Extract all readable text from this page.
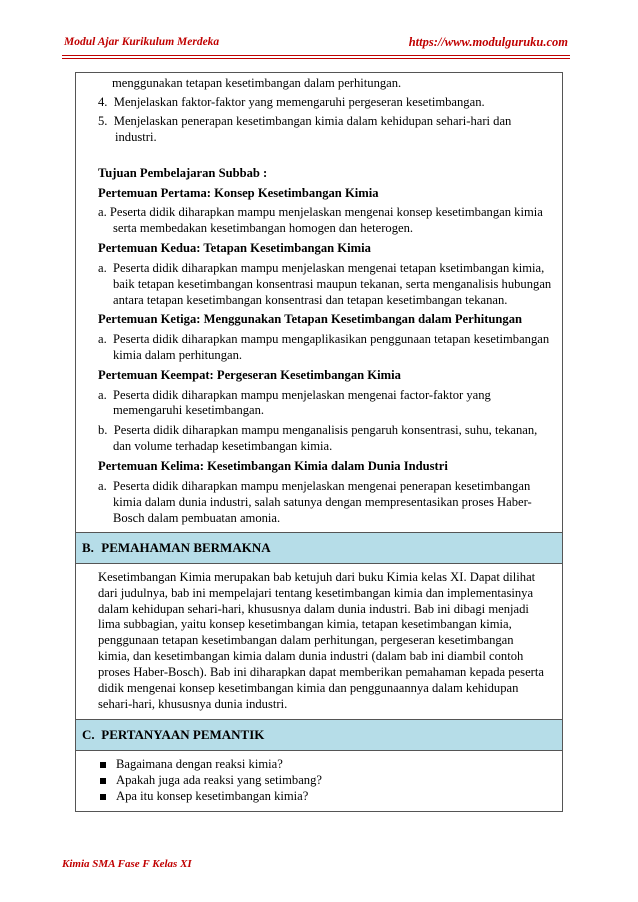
Modul Ajar Kurikulum Merdeka	https://www.modulguruku.com

menggunakan tetapan kesetimbangan dalam perhitungan.

4. Menjelaskan faktor-faktor yang memengaruhi pergeseran kesetimbangan.

5. Menjelaskan penerapan kesetimbangan kimia dalam kehidupan sehari-hari dan industri.

Tujuan Pembelajaran Subbab :

Pertemuan Pertama: Konsep Kesetimbangan Kimia

a. Peserta didik diharapkan mampu menjelaskan mengenai konsep kesetimbangan kimia serta membedakan kesetimbangan homogen dan heterogen.

Pertemuan Kedua: Tetapan Kesetimbangan Kimia

a. Peserta didik diharapkan mampu menjelaskan mengenai tetapan ksetimbangan kimia, baik tetapan kesetimbangan konsentrasi maupun tekanan, serta menganalisis hubungan antara tetapan kesetimbangan konsentrasi dan tetapan kesetimbangan tekanan.

Pertemuan Ketiga: Menggunakan Tetapan Kesetimbangan dalam Perhitungan

a. Peserta didik diharapkan mampu mengaplikasikan penggunaan tetapan kesetimbangan kimia dalam perhitungan.

Pertemuan Keempat: Pergeseran Kesetimbangan Kimia

a. Peserta didik diharapkan mampu menjelaskan mengenai factor-faktor yang memengaruhi kesetimbangan.

b. Peserta didik diharapkan mampu menganalisis pengaruh konsentrasi, suhu, tekanan, dan volume terhadap kesetimbangan kimia.

Pertemuan Kelima: Kesetimbangan Kimia dalam Dunia Industri

a. Peserta didik diharapkan mampu menjelaskan mengenai penerapan kesetimbangan kimia dalam dunia industri, salah satunya dengan mempresentasikan proses Haber-Bosch dalam pembuatan amonia.

B. PEMAHAMAN BERMAKNA

Kesetimbangan Kimia merupakan bab ketujuh dari buku Kimia kelas XI. Dapat dilihat dari judulnya, bab ini mempelajari tentang kesetimbangan kimia dan implementasinya dalam kehidupan sehari-hari, khususnya dalam dunia industri. Bab ini dibagi menjadi lima subbagian, yaitu konsep kesetimbangan kimia, tetapan kesetimbangan kimia, penggunaan tetapan kesetimbangan dalam perhitungan, pergeseran kesetimbangan kimia, dan kesetimbangan kimia dalam dunia industri (dalam bab ini diambil contoh proses Haber-Bosch). Bab ini diharapkan dapat memberikan pemahaman kepada peserta didik mengenai konsep kesetimbangan kimia dan penggunaannya dalam kehidupan sehari-hari, khususnya dunia industri.

C. PERTANYAAN PEMANTIK
Bagaimana dengan reaksi kimia?
Apakah juga ada reaksi yang setimbang?
Apa itu konsep kesetimbangan kimia?
Kimia SMA Fase F Kelas XI
